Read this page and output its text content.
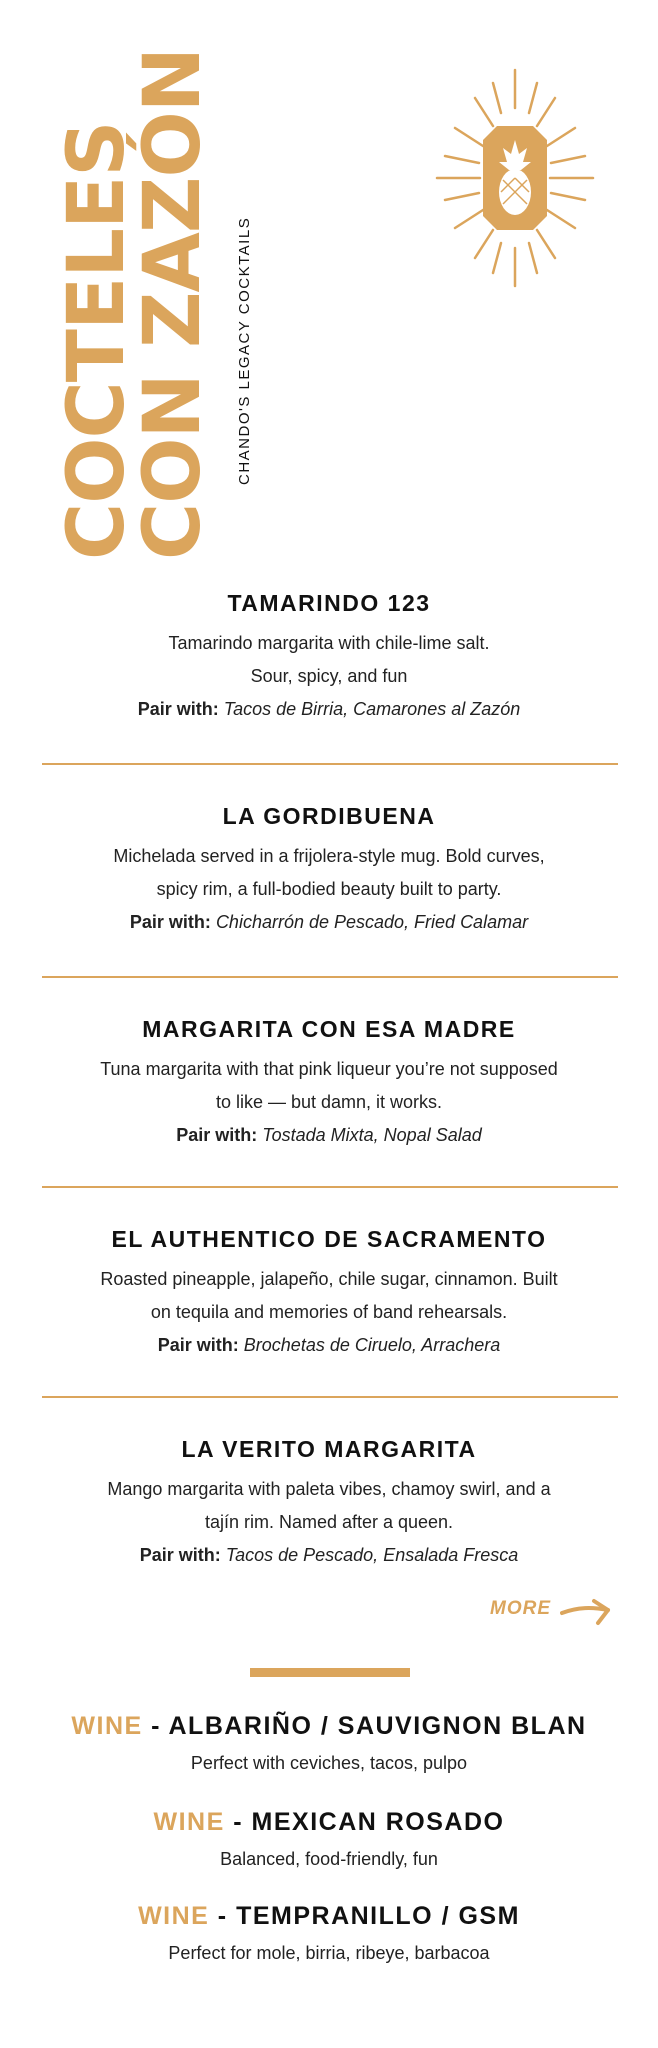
COCTELES
CON ZAZÓN CHANDO'S LEGACY COCKTAILS
TAMARINDO 123

Tamarindo margarita with chile-lime salt.

Sour, spicy, and fun

Pair with: Tacos de Birria, Camarones al Zazón

LA GORDIBUENA

Michelada served in a frijolera-style mug. Bold curves,

spicy rim, a full-bodied beauty built to party.

Pair with: Chicharrón de Pescado, Fried Calamar

MARGARITA CON ESA MADRE

Tuna margarita with that pink liqueur you’re not supposed

to like — but damn, it works.

Pair with: Tostada Mixta, Nopal Salad

EL AUTHENTICO DE SACRAMENTO

Roasted pineapple, jalapeño, chile sugar, cinnamon. Built

on tequila and memories of band rehearsals.

Pair with: Brochetas de Ciruelo, Arrachera

LA VERITO MARGARITA

Mango margarita with paleta vibes, chamoy swirl, and a

tajín rim. Named after a queen.

Pair with: Tacos de Pescado, Ensalada Fresca

MORE
WINE - ALBARIÑO / SAUVIGNON BLAN

Perfect with ceviches, tacos, pulpo

WINE - MEXICAN ROSADO

Balanced, food-friendly, fun

WINE - TEMPRANILLO / GSM

Perfect for mole, birria, ribeye, barbacoa
